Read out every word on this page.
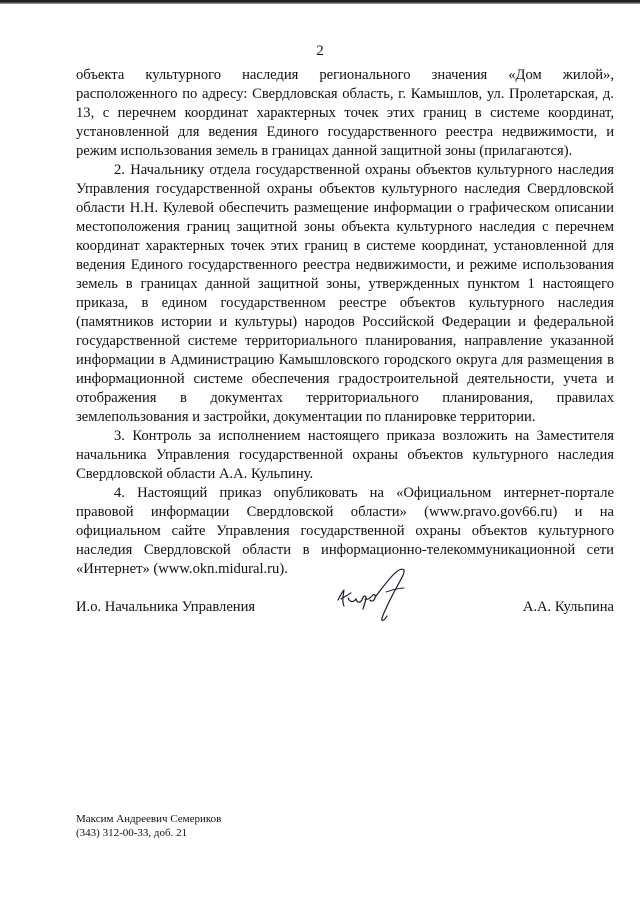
2

объекта культурного наследия регионального значения «Дом жилой», расположенного по адресу: Свердловская область, г. Камышлов, ул. Пролетарская, д. 13, с перечнем координат характерных точек этих границ в системе координат, установленной для ведения Единого государственного реестра недвижимости, и режим использования земель в границах данной защитной зоны (прилагаются).

2. Начальнику отдела государственной охраны объектов культурного наследия Управления государственной охраны объектов культурного наследия Свердловской области Н.Н. Кулевой обеспечить размещение информации о графическом описании местоположения границ защитной зоны объекта культурного наследия с перечнем координат характерных точек этих границ в системе координат, установленной для ведения Единого государственного реестра недвижимости, и режиме использования земель в границах данной защитной зоны, утвержденных пунктом 1 настоящего приказа, в едином государственном реестре объектов культурного наследия (памятников истории и культуры) народов Российской Федерации и федеральной государственной системе территориального планирования, направление указанной информации в Администрацию Камышловского городского округа для размещения в информационной системе обеспечения градостроительной деятельности, учета и отображения в документах территориального планирования, правилах землепользования и застройки, документации по планировке территории.

3. Контроль за исполнением настоящего приказа возложить на Заместителя начальника Управления государственной охраны объектов культурного наследия Свердловской области А.А. Кульпину.

4. Настоящий приказ опубликовать на «Официальном интернет-портале правовой информации Свердловской области» (www.pravo.gov66.ru) и на официальном сайте Управления государственной охраны объектов культурного наследия Свердловской области в информационно-телекоммуникационной сети «Интернет» (www.okn.midural.ru).

И.о. Начальника Управления	А.А. Кульпина
Максим Андреевич Семериков
(343) 312-00-33, доб. 21
